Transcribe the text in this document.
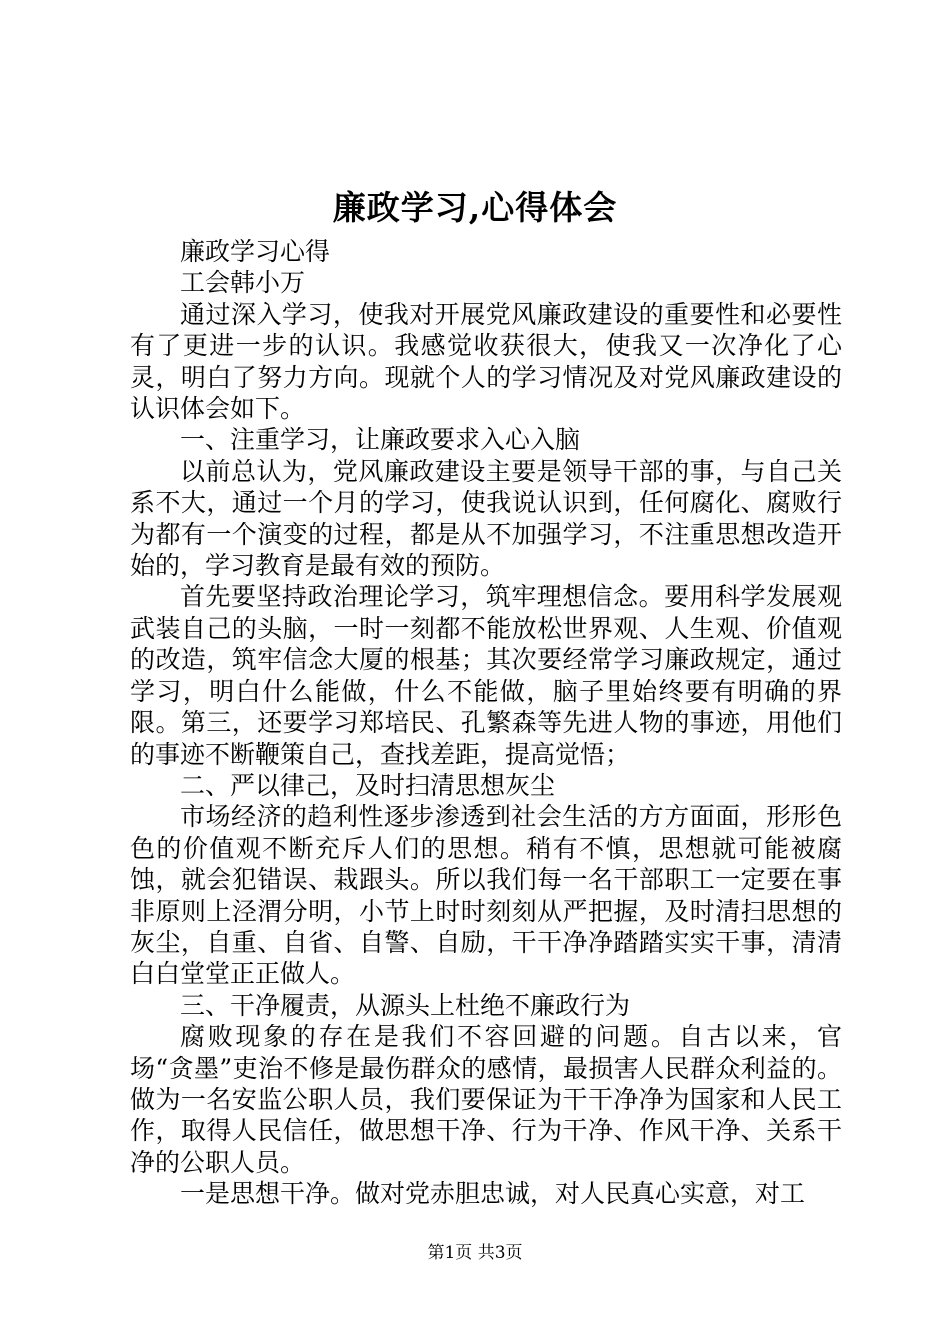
廉政学习,心得体会

廉政学习心得

工会韩小万

通过深入学习，使我对开展党风廉政建设的重要性和必要性有了更进一步的认识。我感觉收获很大，使我又一次净化了心灵，明白了努力方向。现就个人的学习情况及对党风廉政建设的认识体会如下。

一、注重学习，让廉政要求入心入脑

以前总认为，党风廉政建设主要是领导干部的事，与自己关系不大，通过一个月的学习，使我说认识到，任何腐化、腐败行为都有一个演变的过程，都是从不加强学习，不注重思想改造开始的，学习教育是最有效的预防。

首先要坚持政治理论学习，筑牢理想信念。要用科学发展观武装自己的头脑，一时一刻都不能放松世界观、人生观、价值观的改造，筑牢信念大厦的根基；其次要经常学习廉政规定，通过学习，明白什么能做，什么不能做，脑子里始终要有明确的界限。第三，还要学习郑培民、孔繁森等先进人物的事迹，用他们的事迹不断鞭策自己，查找差距，提高觉悟；

二、严以律己，及时扫清思想灰尘

市场经济的趋利性逐步渗透到社会生活的方方面面，形形色色的价值观不断充斥人们的思想。稍有不慎，思想就可能被腐蚀，就会犯错误、栽跟头。所以我们每一名干部职工一定要在事非原则上泾渭分明，小节上时时刻刻从严把握，及时清扫思想的灰尘，自重、自省、自警、自励，干干净净踏踏实实干事，清清白白堂堂正正做人。

三、干净履责，从源头上杜绝不廉政行为

腐败现象的存在是我们不容回避的问题。自古以来，官场“贪墨”吏治不修是最伤群众的感情，最损害人民群众利益的。做为一名安监公职人员，我们要保证为干干净净为国家和人民工作，取得人民信任，做思想干净、行为干净、作风干净、关系干净的公职人员。

一是思想干净。做对党赤胆忠诚，对人民真心实意，对工

第1页 共3页
